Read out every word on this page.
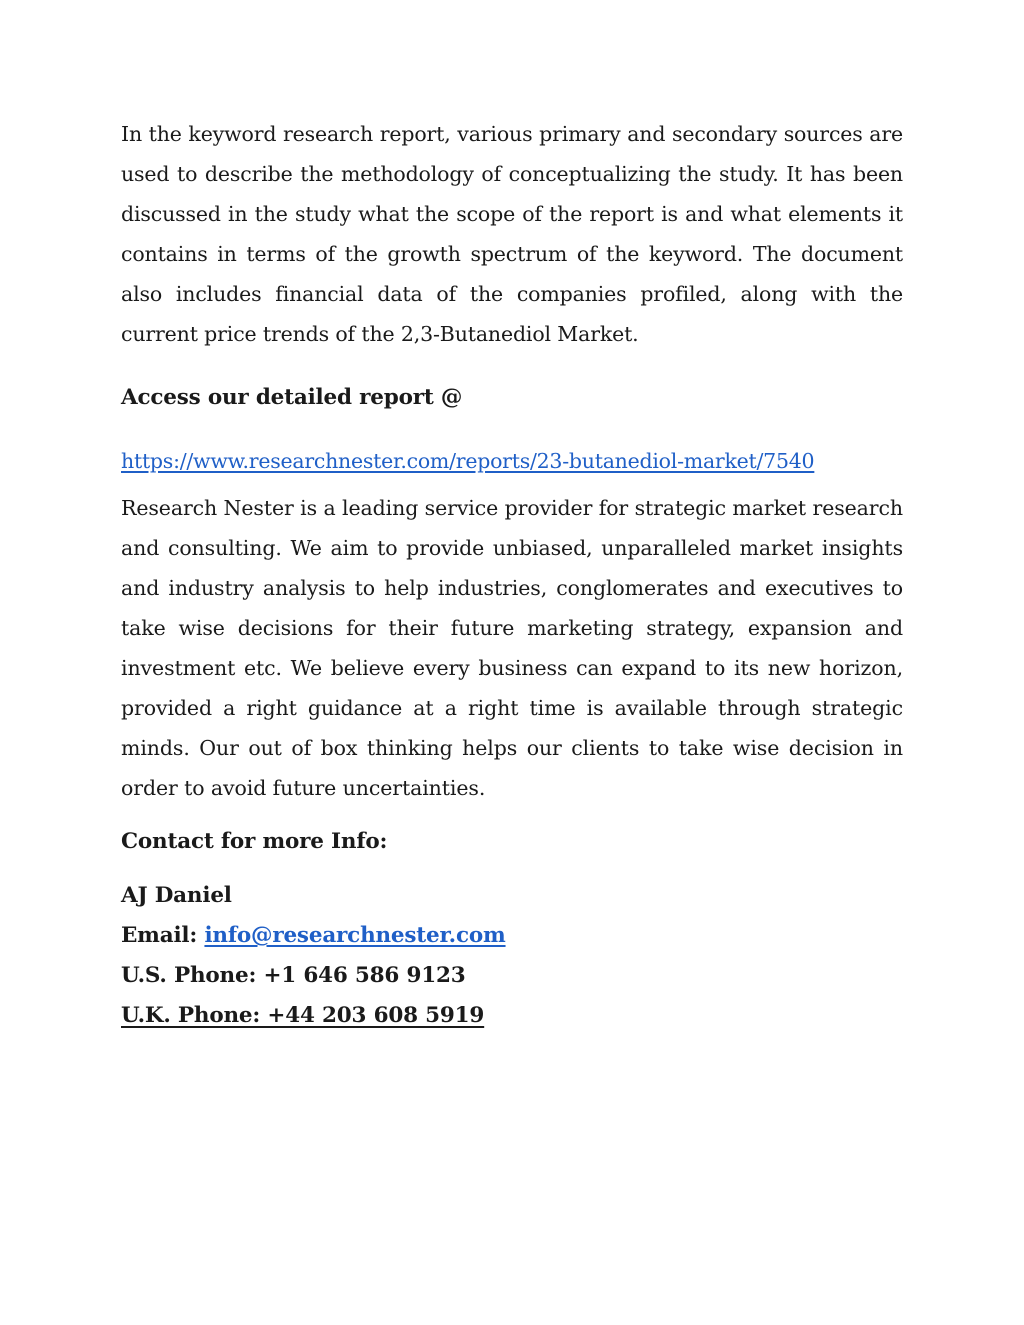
In the keyword research report, various primary and secondary sources are used to describe the methodology of conceptualizing the study. It has been discussed in the study what the scope of the report is and what elements it contains in terms of the growth spectrum of the keyword. The document also includes financial data of the companies profiled, along with the current price trends of the 2,3-Butanediol Market.

Access our detailed report @

https://www.researchnester.com/reports/23-butanediol-market/7540

Research Nester is a leading service provider for strategic market research and consulting. We aim to provide unbiased, unparalleled market insights and industry analysis to help industries, conglomerates and executives to take wise decisions for their future marketing strategy, expansion and investment etc. We believe every business can expand to its new horizon, provided a right guidance at a right time is available through strategic minds. Our out of box thinking helps our clients to take wise decision in order to avoid future uncertainties.

Contact for more Info:

AJ Daniel

Email: info@researchnester.com

U.S. Phone: +1 646 586 9123

U.K. Phone: +44 203 608 5919
